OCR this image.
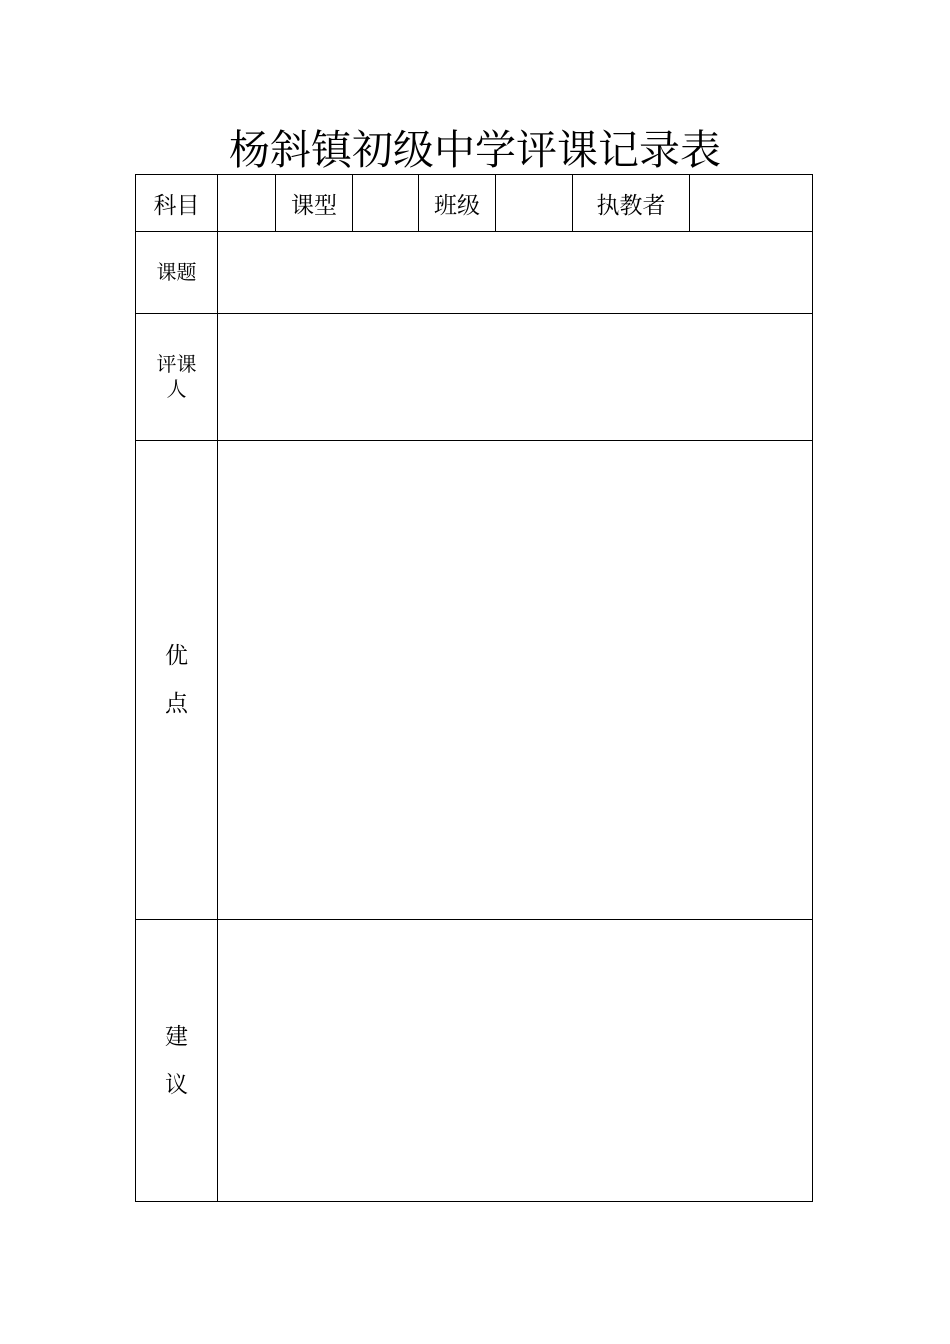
杨斜镇初级中学评课记录表
科目		课型		班级		执教者	
课题							

评课
人							

优
点							

建
议							
